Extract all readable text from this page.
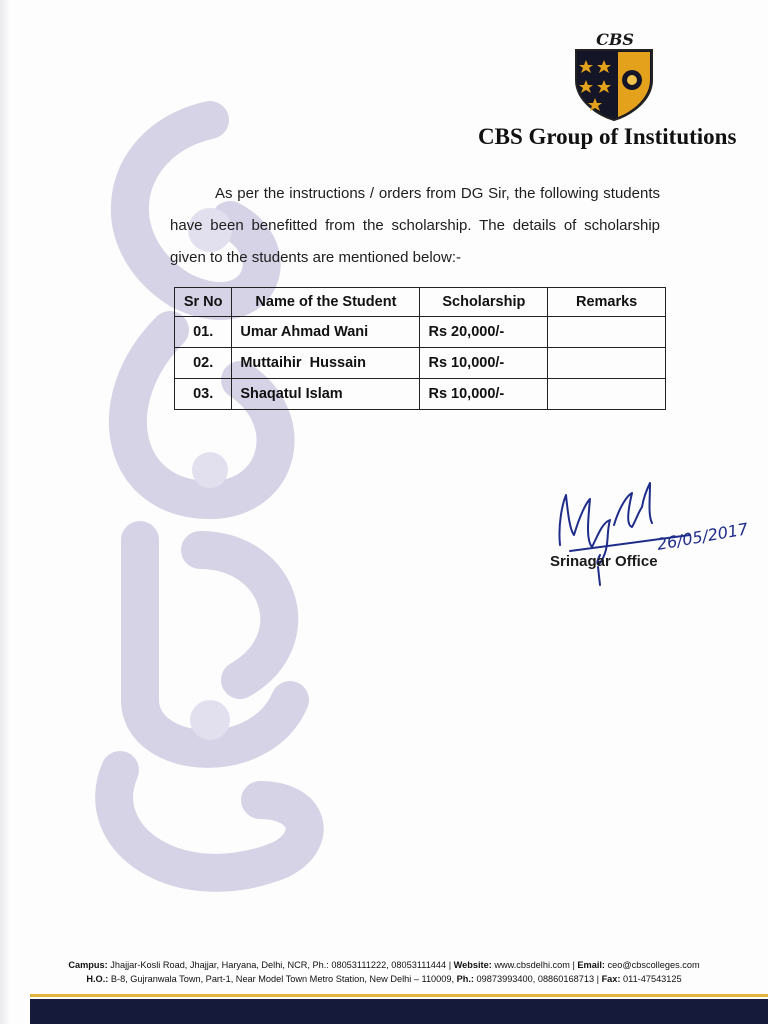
CBS
CBS Group of Institutions

As per the instructions / orders from DG Sir, the following students have been benefitted from the scholarship. The details of scholarship given to the students are mentioned below:-

Sr No	Name of the Student	Scholarship	Remarks
01.	Umar Ahmad Wani	Rs 20,000/-	
02.	Muttaihir  Hussain	Rs 10,000/-	
03.	Shaqatul Islam	Rs 10,000/-	
26/05/2017
Srinagar Office
Campus: Jhajjar-Kosli Road, Jhajjar, Haryana, Delhi, NCR, Ph.: 08053111222, 08053111444 | Website: www.cbsdelhi.com | Email: ceo@cbscolleges.com
H.O.: B-8, Gujranwala Town, Part-1, Near Model Town Metro Station, New Delhi – 110009, Ph.: 09873993400, 08860168713 | Fax: 011-47543125
